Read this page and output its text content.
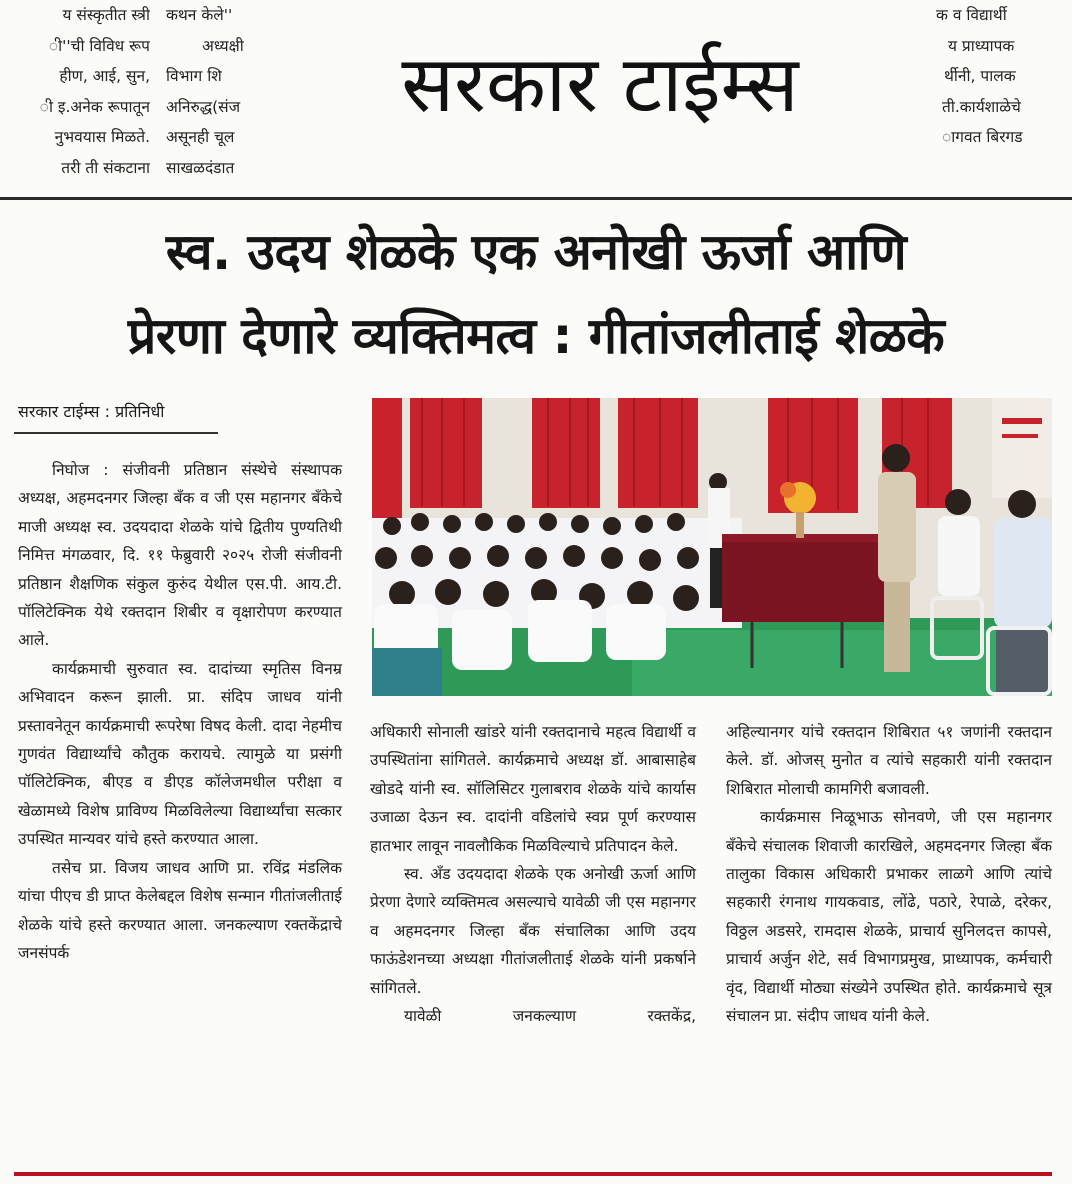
य संस्कृतीत स्त्री
ी''ची विविध रूप
हीण, आई, सुन,
ी इ.अनेक रूपातून
नुभवयास मिळते.
तरी ती संकटाना
कथन केले''
अध्यक्षी
विभाग शि
अनिरुद्ध(संज
असूनही चूल
साखळदंडात
क व विद्यार्थी
य प्राध्यापक
र्थीनी, पालक
ती.कार्यशाळेचे
ागवत बिरगड
सरकार टाईम्स
स्व. उदय शेळके एक अनोखी ऊर्जा आणि
प्रेरणा देणारे व्यक्तिमत्व : गीतांजलीताई शेळके
सरकार टाईम्स : प्रतिनिधी

निघोज : संजीवनी प्रतिष्ठान संस्थेचे संस्थापक अध्यक्ष, अहमदनगर जिल्हा बँक व जी एस महानगर बँकेचे माजी अध्यक्ष स्व. उदयदादा शेळके यांचे द्वितीय पुण्यतिथी निमित्त मंगळवार, दि. ११ फेब्रुवारी २०२५ रोजी संजीवनी प्रतिष्ठान शैक्षणिक संकुल कुरुंद येथील एस.पी. आय.टी. पॉलिटेक्निक येथे रक्तदान शिबीर व वृक्षारोपण करण्यात आले.

कार्यक्रमाची सुरुवात स्व. दादांच्या स्मृतिस विनम्र अभिवादन करून झाली. प्रा. संदिप जाधव यांनी प्रस्तावनेतून कार्यक्रमाची रूपरेषा विषद केली. दादा नेहमीच गुणवंत विद्यार्थ्यांचे कौतुक करायचे. त्यामुळे या प्रसंगी पॉलिटेक्निक, बीएड व डीएड कॉलेजमधील परीक्षा व खेळामध्ये विशेष प्राविण्य मिळविलेल्या विद्यार्थ्यांचा सत्कार उपस्थित मान्यवर यांचे हस्ते करण्यात आला.

तसेच प्रा. विजय जाधव आणि प्रा. रविंद्र मंडलिक यांचा पीएच डी प्राप्त केलेबद्दल विशेष सन्मान गीतांजलीताई शेळके यांचे हस्ते करण्यात आला. जनकल्याण रक्तकेंद्राचे जनसंपर्क

अधिकारी सोनाली खांडरे यांनी रक्तदानाचे महत्व विद्यार्थी व उपस्थितांना सांगितले. कार्यक्रमाचे अध्यक्ष डॉ. आबासाहेब खोडदे यांनी स्व. सॉलिसिटर गुलाबराव शेळके यांचे कार्यास उजाळा देऊन स्व. दादांनी वडिलांचे स्वप्न पूर्ण करण्यास हातभार लावून नावलौकिक मिळविल्याचे प्रतिपादन केले.

स्व. अँड उदयदादा शेळके एक अनोखी ऊर्जा आणि प्रेरणा देणारे व्यक्तिमत्व असल्याचे यावेळी जी एस महानगर व अहमदनगर जिल्हा बँक संचालिका आणि उदय फाऊंडेशनच्या अध्यक्षा गीतांजलीताई शेळके यांनी प्रकर्षाने सांगितले.

यावेळी जनकल्याण रक्तकेंद्र,

अहिल्यानगर यांचे रक्तदान शिबिरात ५१ जणांनी रक्तदान केले. डॉ. ओजस् मुनोत व त्यांचे सहकारी यांनी रक्तदान शिबिरात मोलाची कामगिरी बजावली.

कार्यक्रमास निळूभाऊ सोनवणे, जी एस महानगर बँकेचे संचालक शिवाजी कारखिले, अहमदनगर जिल्हा बँक तालुका विकास अधिकारी प्रभाकर लाळगे आणि त्यांचे सहकारी रंगनाथ गायकवाड, लोंढे, पठारे, रेपाळे, दरेकर, विठ्ठल अडसरे, रामदास शेळके, प्राचार्य सुनिलदत्त कापसे, प्राचार्य अर्जुन शेटे, सर्व विभागप्रमुख, प्राध्यापक, कर्मचारी वृंद, विद्यार्थी मोठ्या संख्येने उपस्थित होते. कार्यक्रमाचे सूत्र संचालन प्रा. संदीप जाधव यांनी केले.
